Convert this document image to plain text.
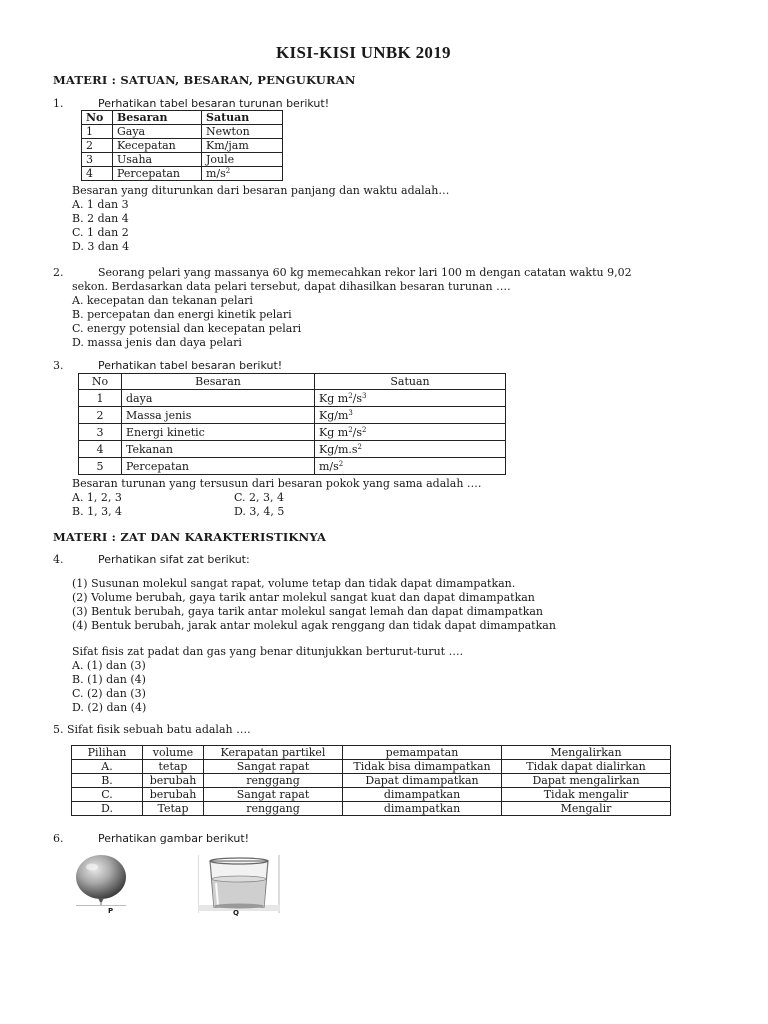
KISI-KISI UNBK 2019
MATERI : SATUAN, BESARAN, PENGUKURAN
1.	Perhatikan tabel besaran turunan berikut!
No	Besaran	Satuan
1	Gaya	Newton
2	Kecepatan	Km/jam
3	Usaha	Joule
4	Percepatan	$m/s^2$
Besaran yang diturunkan dari besaran panjang dan waktu adalah…
A. 1 dan 3
B. 2 dan 4
C. 1 dan 2
D. 3 dan 4
2.	Seorang pelari yang massanya 60 kg memecahkan rekor lari 100 m dengan catatan waktu 9,02
sekon. Berdasarkan data pelari tersebut, dapat dihasilkan besaran turunan ….
A. kecepatan dan tekanan pelari
B. percepatan dan energi kinetik pelari
C. energy potensial dan kecepatan pelari
D. massa jenis dan daya pelari
3.	Perhatikan tabel besaran berikut!
No	Besaran	Satuan
1	daya	Kg $m^2/s^3$
2	Massa jenis	$Kg/m^3$
3	Energi kinetic	Kg $m^2/s^2$
4	Tekanan	$Kg/m.s^2$
5	Percepatan	$m/s^2$
Besaran turunan yang tersusun dari besaran pokok yang sama adalah ….
A. 1, 2, 3	C. 2, 3, 4
B. 1, 3, 4	D. 3, 4, 5
MATERI : ZAT DAN KARAKTERISTIKNYA
4.	Perhatikan sifat zat berikut:
(1) Susunan molekul sangat rapat, volume tetap dan tidak dapat dimampatkan.
(2) Volume berubah, gaya tarik antar molekul sangat kuat dan dapat dimampatkan
(3) Bentuk berubah, gaya tarik antar molekul sangat lemah dan dapat dimampatkan
(4) Bentuk berubah, jarak antar molekul agak renggang dan tidak dapat dimampatkan
Sifat fisis zat padat dan gas yang benar ditunjukkan berturut-turut ….
A. (1) dan (3)
B. (1) dan (4)
C. (2) dan (3)
D. (2) dan (4)
5. Sifat fisik sebuah batu adalah ….
Pilihan	volume	Kerapatan partikel	pemampatan	Mengalirkan
A.	tetap	Sangat rapat	Tidak bisa dimampatkan	Tidak dapat dialirkan
B.	berubah	renggang	Dapat dimampatkan	Dapat mengalirkan
C.	berubah	Sangat rapat	dimampatkan	Tidak mengalir
D.	Tetap	renggang	dimampatkan	Mengalir
6.	Perhatikan gambar berikut!
P	Q
